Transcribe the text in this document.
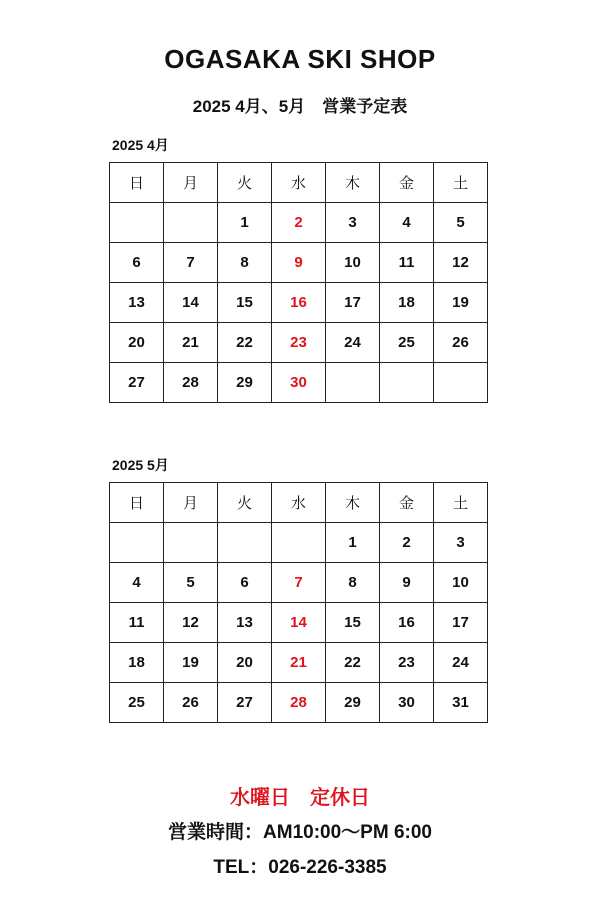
OGASAKA SKI SHOP
2025 4月、5月　営業予定表
2025 4月
日	月	火	水	木	金	土
		1	2	3	4	5
6	7	8	9	10	11	12
13	14	15	16	17	18	19
20	21	22	23	24	25	26
27	28	29	30			
2025 5月
日	月	火	水	木	金	土
				1	2	3
4	5	6	7	8	9	10
11	12	13	14	15	16	17
18	19	20	21	22	23	24
25	26	27	28	29	30	31
水曜日　定休日
営業時間：AM10:00〜PM 6:00
TEL：026-226-3385
